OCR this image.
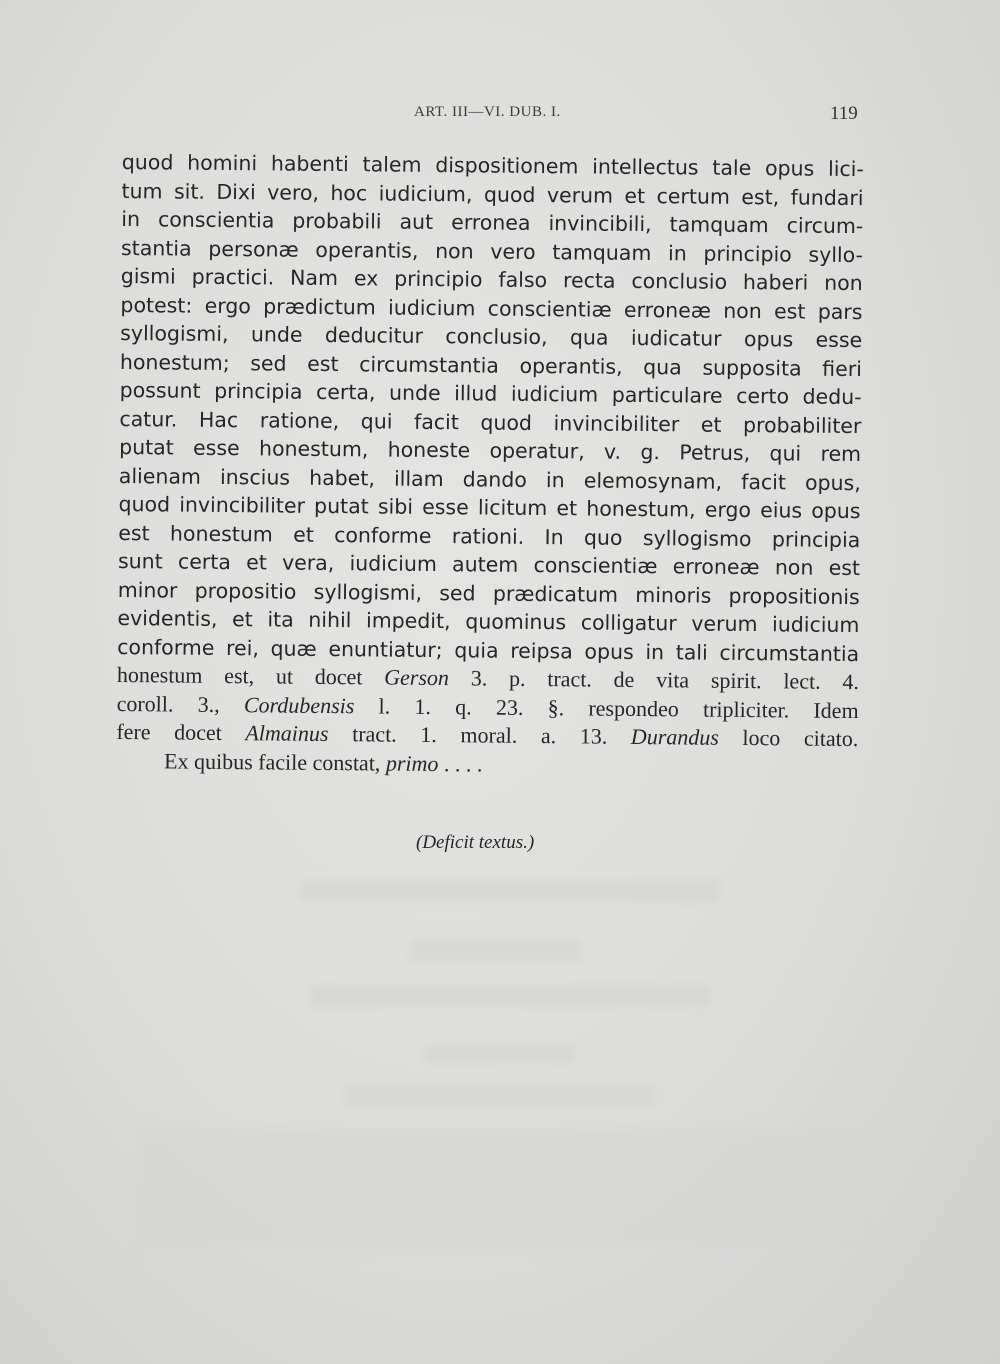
ART. III—VI. DUB. I.	119
quod homini habenti talem dispositionem intellectus tale opus lici-
tum sit. Dixi vero, hoc iudicium, quod verum et certum est, fundari
in conscientia probabili aut erronea invincibili, tamquam circum-
stantia personæ operantis, non vero tamquam in principio syllo-
gismi practici. Nam ex principio falso recta conclusio haberi non
potest: ergo prædictum iudicium conscientiæ erroneæ non est pars
syllogismi, unde deducitur conclusio, qua iudicatur opus esse
honestum; sed est circumstantia operantis, qua supposita fieri
possunt principia certa, unde illud iudicium particulare certo dedu-
catur. Hac ratione, qui facit quod invincibiliter et probabiliter
putat esse honestum, honeste operatur, v. g. Petrus, qui rem
alienam inscius habet, illam dando in elemosynam, facit opus,
quod invincibiliter putat sibi esse licitum et honestum, ergo eius opus
est honestum et conforme rationi. In quo syllogismo principia
sunt certa et vera, iudicium autem conscientiæ erroneæ non est
minor propositio syllogismi, sed prædicatum minoris propositionis
evidentis, et ita nihil impedit, quominus colligatur verum iudicium
conforme rei, quæ enuntiatur; quia reipsa opus in tali circumstantia
honestum est, ut docet Gerson 3. p. tract. de vita spirit. lect. 4.
coroll. 3., Cordubensis l. 1. q. 23. §. respondeo tripliciter. Idem
fere docet Almainus tract. 1. moral. a. 13. Durandus loco citato.
Ex quibus facile constat, primo . . . .
(Deficit textus.)
